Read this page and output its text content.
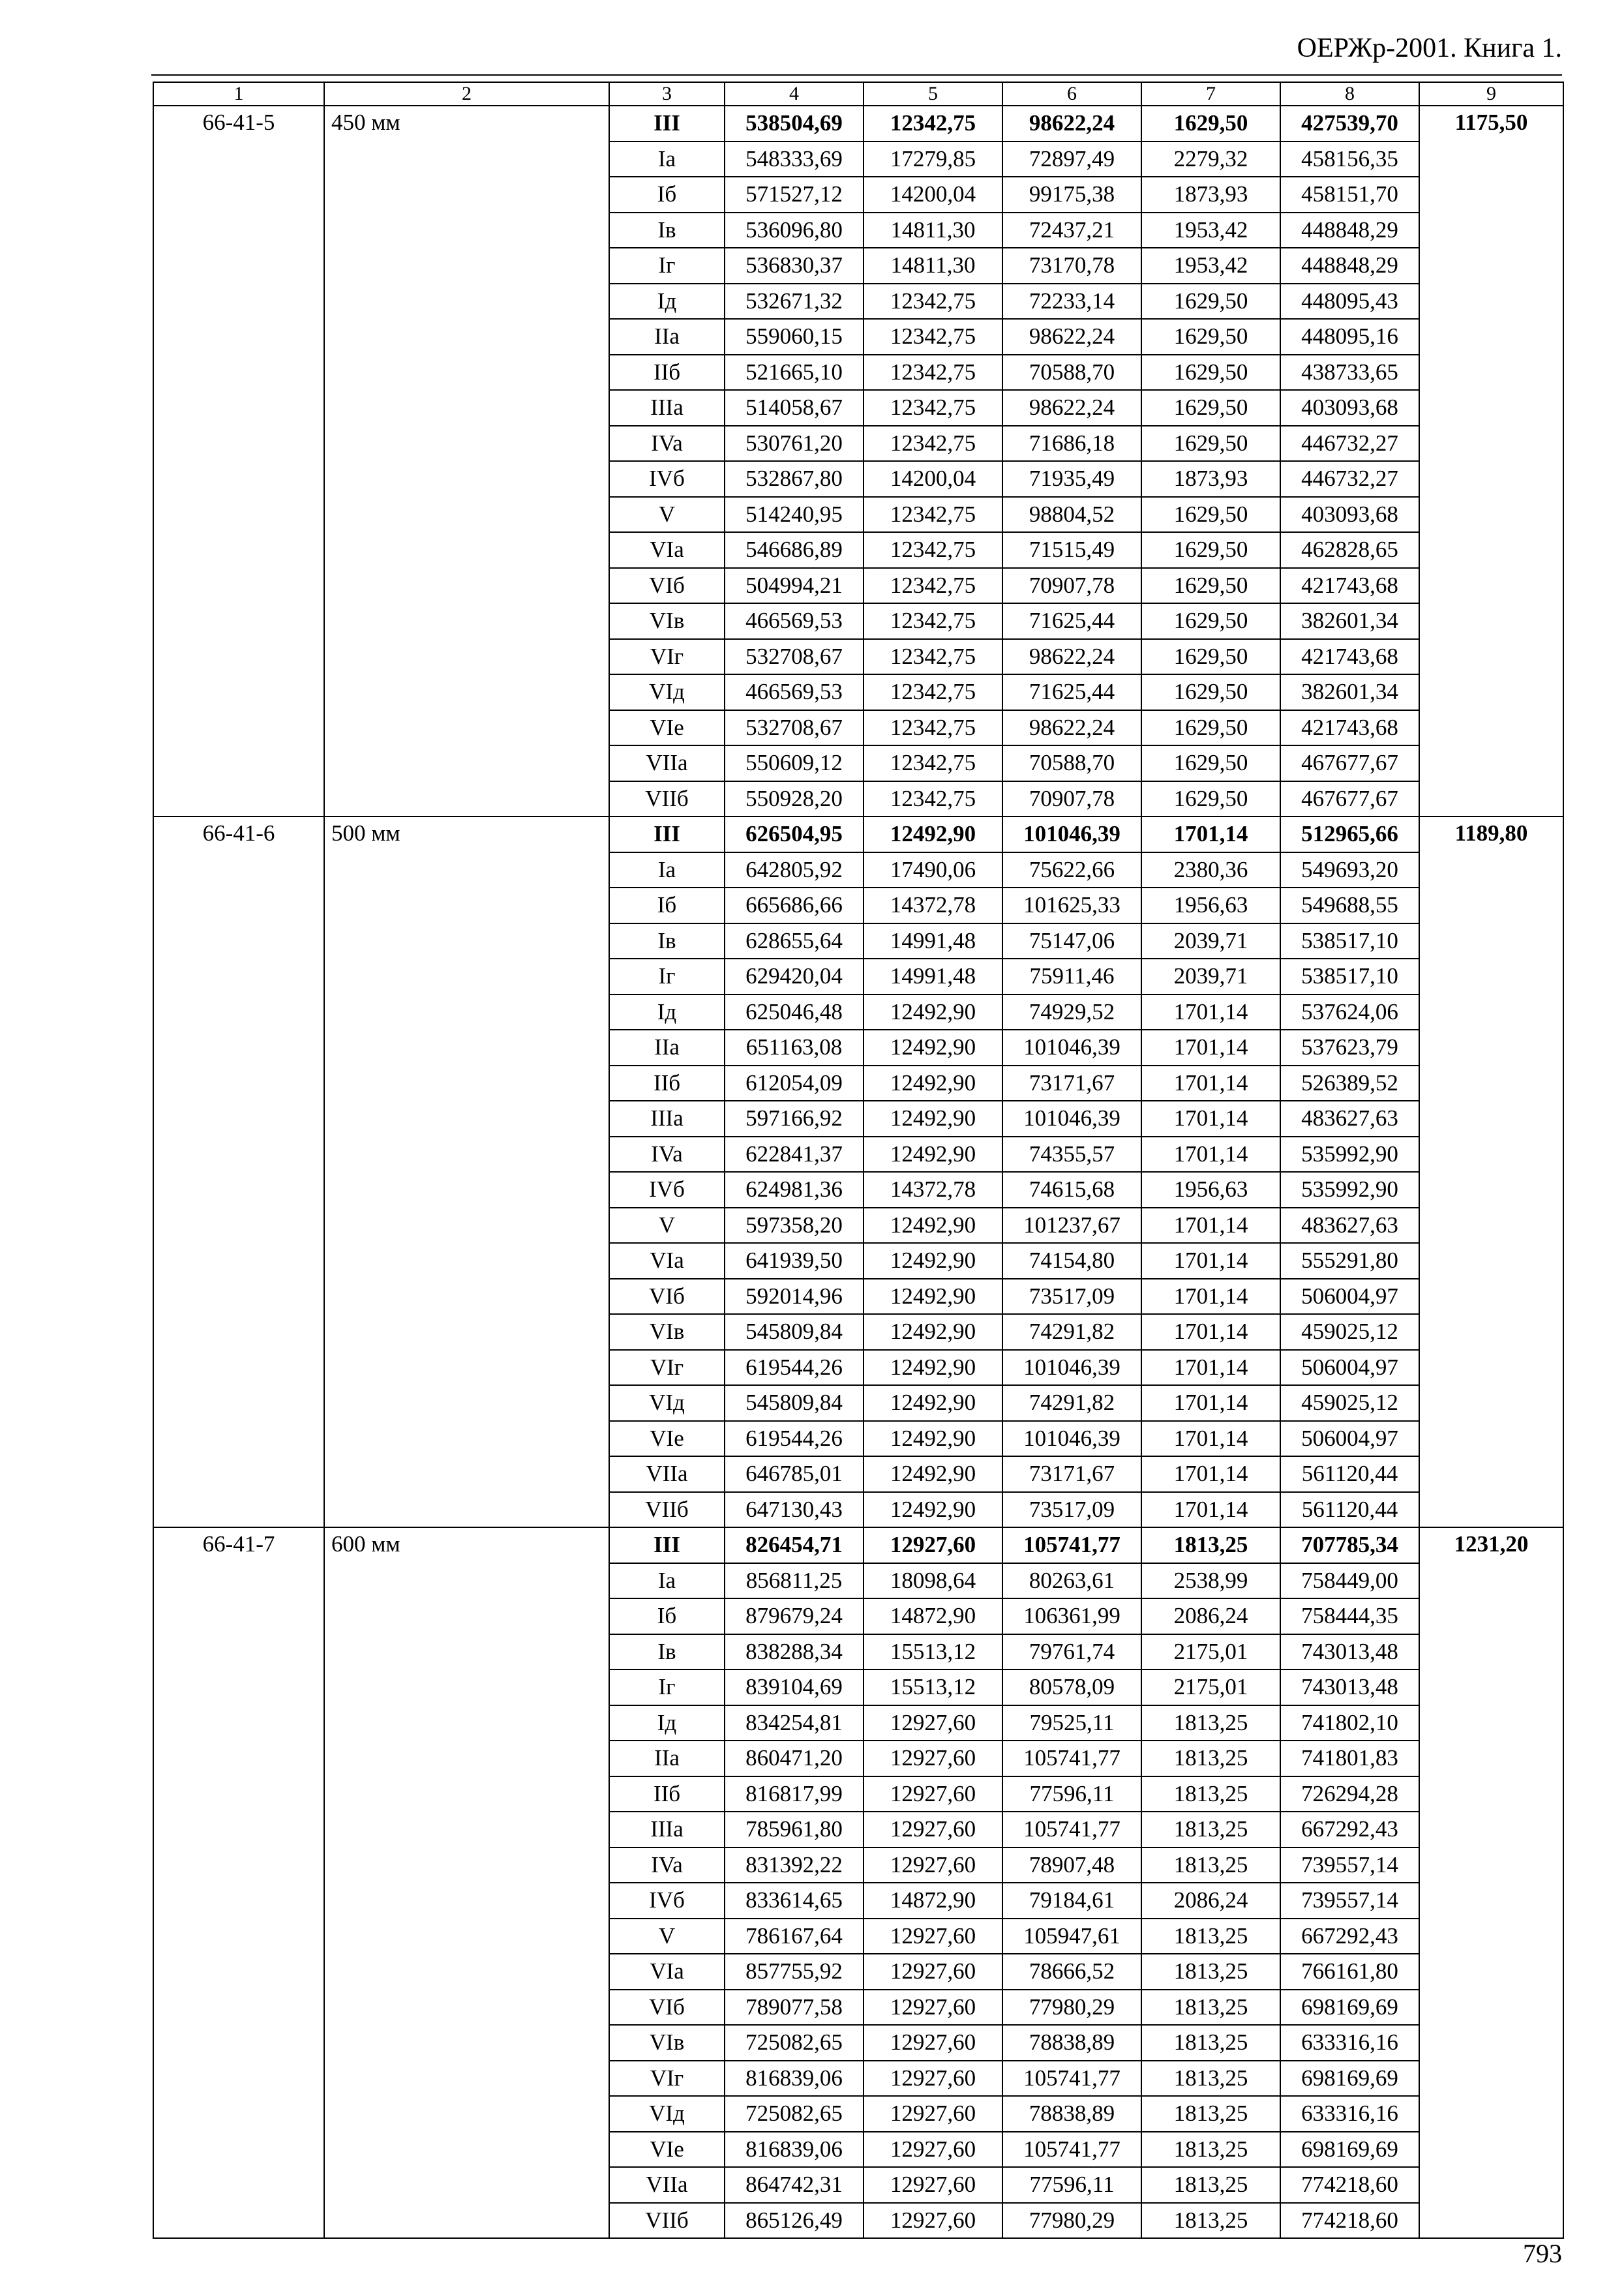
ОЕРЖр-2001. Книга 1.
1	2	3	4	5	6	7	8	9
66-41-5	450 мм	III	538504,69	12342,75	98622,24	1629,50	427539,70	1175,50
		Ia	548333,69	17279,85	72897,49	2279,32	458156,35	
		Iб	571527,12	14200,04	99175,38	1873,93	458151,70	
		Iв	536096,80	14811,30	72437,21	1953,42	448848,29	
		Iг	536830,37	14811,30	73170,78	1953,42	448848,29	
		Iд	532671,32	12342,75	72233,14	1629,50	448095,43	
		IIa	559060,15	12342,75	98622,24	1629,50	448095,16	
		IIб	521665,10	12342,75	70588,70	1629,50	438733,65	
		IIIa	514058,67	12342,75	98622,24	1629,50	403093,68	
		IVa	530761,20	12342,75	71686,18	1629,50	446732,27	
		IVб	532867,80	14200,04	71935,49	1873,93	446732,27	
		V	514240,95	12342,75	98804,52	1629,50	403093,68	
		VIa	546686,89	12342,75	71515,49	1629,50	462828,65	
		VIб	504994,21	12342,75	70907,78	1629,50	421743,68	
		VIв	466569,53	12342,75	71625,44	1629,50	382601,34	
		VIг	532708,67	12342,75	98622,24	1629,50	421743,68	
		VIд	466569,53	12342,75	71625,44	1629,50	382601,34	
		VIe	532708,67	12342,75	98622,24	1629,50	421743,68	
		VIIa	550609,12	12342,75	70588,70	1629,50	467677,67	
		VIIб	550928,20	12342,75	70907,78	1629,50	467677,67	
66-41-6	500 мм	III	626504,95	12492,90	101046,39	1701,14	512965,66	1189,80
		Ia	642805,92	17490,06	75622,66	2380,36	549693,20	
		Iб	665686,66	14372,78	101625,33	1956,63	549688,55	
		Iв	628655,64	14991,48	75147,06	2039,71	538517,10	
		Iг	629420,04	14991,48	75911,46	2039,71	538517,10	
		Iд	625046,48	12492,90	74929,52	1701,14	537624,06	
		IIa	651163,08	12492,90	101046,39	1701,14	537623,79	
		IIб	612054,09	12492,90	73171,67	1701,14	526389,52	
		IIIa	597166,92	12492,90	101046,39	1701,14	483627,63	
		IVa	622841,37	12492,90	74355,57	1701,14	535992,90	
		IVб	624981,36	14372,78	74615,68	1956,63	535992,90	
		V	597358,20	12492,90	101237,67	1701,14	483627,63	
		VIa	641939,50	12492,90	74154,80	1701,14	555291,80	
		VIб	592014,96	12492,90	73517,09	1701,14	506004,97	
		VIв	545809,84	12492,90	74291,82	1701,14	459025,12	
		VIг	619544,26	12492,90	101046,39	1701,14	506004,97	
		VIд	545809,84	12492,90	74291,82	1701,14	459025,12	
		VIe	619544,26	12492,90	101046,39	1701,14	506004,97	
		VIIa	646785,01	12492,90	73171,67	1701,14	561120,44	
		VIIб	647130,43	12492,90	73517,09	1701,14	561120,44	
66-41-7	600 мм	III	826454,71	12927,60	105741,77	1813,25	707785,34	1231,20
		Ia	856811,25	18098,64	80263,61	2538,99	758449,00	
		Iб	879679,24	14872,90	106361,99	2086,24	758444,35	
		Iв	838288,34	15513,12	79761,74	2175,01	743013,48	
		Iг	839104,69	15513,12	80578,09	2175,01	743013,48	
		Iд	834254,81	12927,60	79525,11	1813,25	741802,10	
		IIa	860471,20	12927,60	105741,77	1813,25	741801,83	
		IIб	816817,99	12927,60	77596,11	1813,25	726294,28	
		IIIa	785961,80	12927,60	105741,77	1813,25	667292,43	
		IVa	831392,22	12927,60	78907,48	1813,25	739557,14	
		IVб	833614,65	14872,90	79184,61	2086,24	739557,14	
		V	786167,64	12927,60	105947,61	1813,25	667292,43	
		VIa	857755,92	12927,60	78666,52	1813,25	766161,80	
		VIб	789077,58	12927,60	77980,29	1813,25	698169,69	
		VIв	725082,65	12927,60	78838,89	1813,25	633316,16	
		VIг	816839,06	12927,60	105741,77	1813,25	698169,69	
		VIд	725082,65	12927,60	78838,89	1813,25	633316,16	
		VIe	816839,06	12927,60	105741,77	1813,25	698169,69	
		VIIa	864742,31	12927,60	77596,11	1813,25	774218,60	
		VIIб	865126,49	12927,60	77980,29	1813,25	774218,60	
793
